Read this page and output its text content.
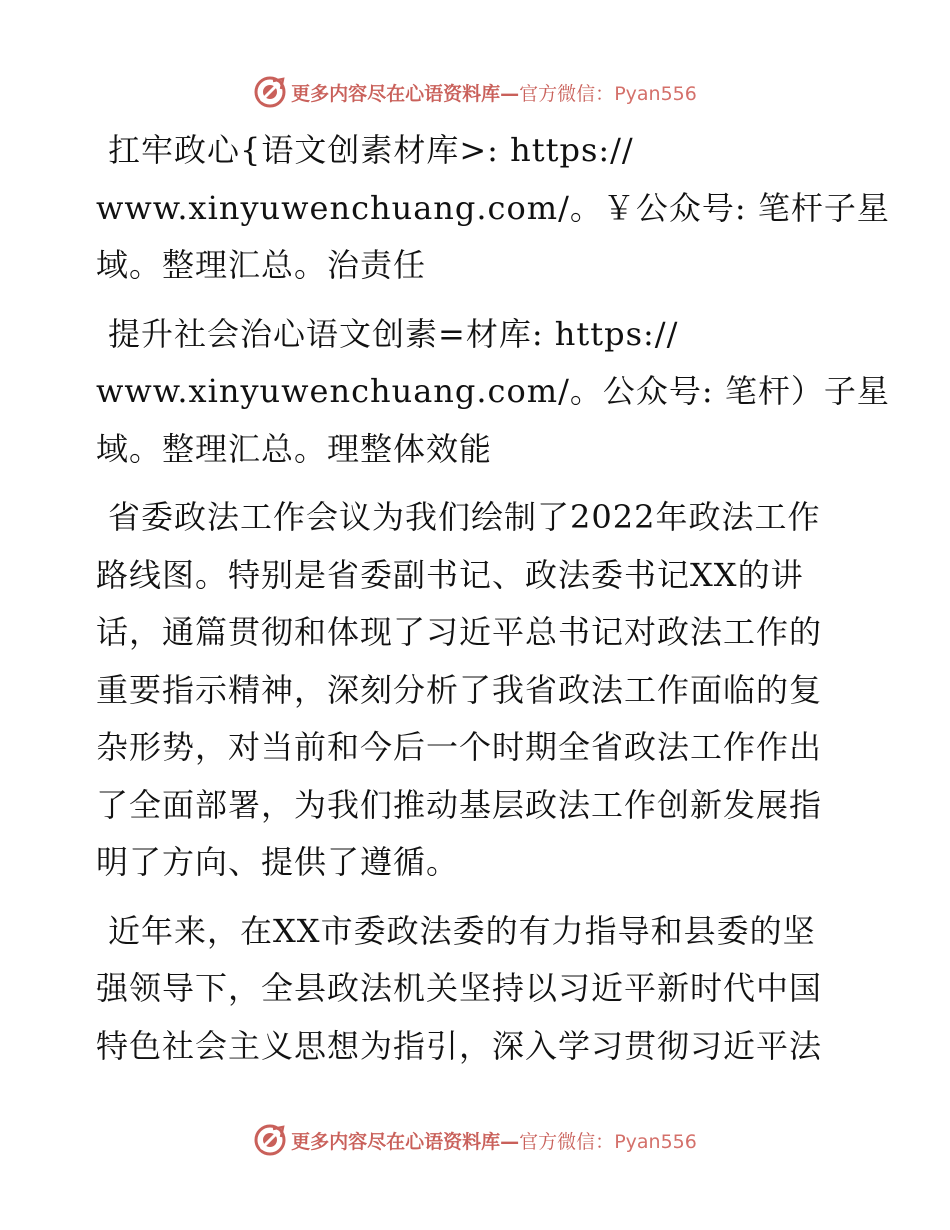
更多内容尽在心语资料库—官方微信：Pyan556

扛牢政心{语文创素材库>: https://
www.xinyuwenchuang.com/。￥公众号: 笔杆子星
域。整理汇总。治责任

提升社会治心语文创素=材库: https://
www.xinyuwenchuang.com/。公众号: 笔杆）子星
域。整理汇总。理整体效能

省委政法工作会议为我们绘制了2022年政法工作
路线图。特别是省委副书记、政法委书记XX的讲
话，通篇贯彻和体现了习近平总书记对政法工作的
重要指示精神，深刻分析了我省政法工作面临的复
杂形势，对当前和今后一个时期全省政法工作作出
了全面部署，为我们推动基层政法工作创新发展指
明了方向、提供了遵循。

近年来，在XX市委政法委的有力指导和县委的坚
强领导下，全县政法机关坚持以习近平新时代中国
特色社会主义思想为指引，深入学习贯彻习近平法

更多内容尽在心语资料库—官方微信：Pyan556
